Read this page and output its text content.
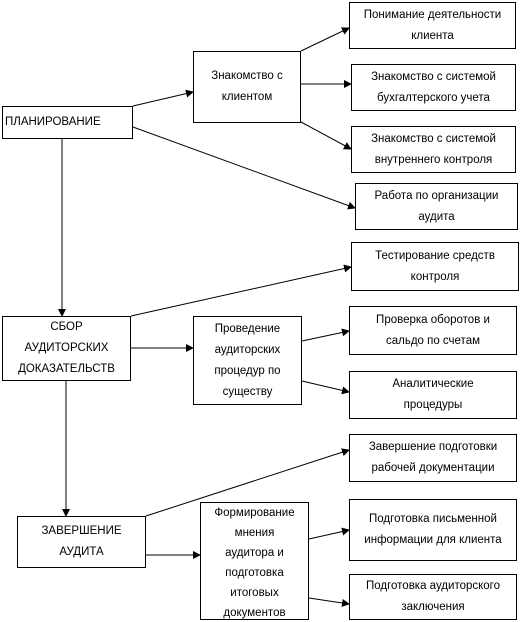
ПЛАНИРОВАНИЕ
СБОР
АУДИТОРСКИХ
ДОКАЗАТЕЛЬСТВ
ЗАВЕРШЕНИЕ
АУДИТА
Знакомство с
клиентом
Проведение
аудиторских
процедур по
существу
Формирование
мнения
аудитора и
подготовка
итоговых
документов
Понимание деятельности
клиента
Знакомство с системой
бухгалтерского учета
Знакомство с системой
внутреннего контроля
Работа по организации
аудита
Тестирование средств
контроля
Проверка оборотов и
сальдо по счетам
Аналитические
процедуры
Завершение подготовки
рабочей документации
Подготовка письменной
информации для клиента
Подготовка аудиторского
заключения
